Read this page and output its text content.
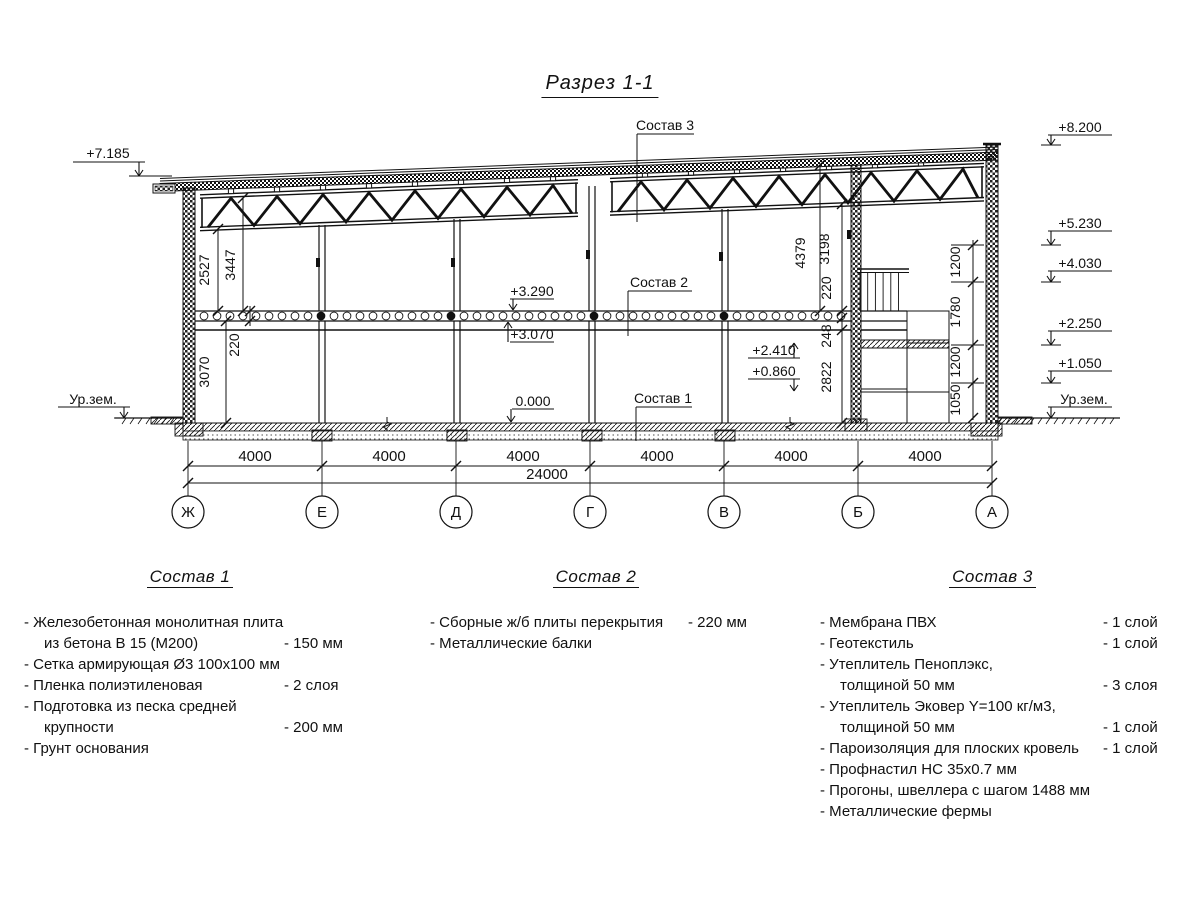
Разрез 1-1
Состав 3
Состав 2
Состав 1
+7.185
Ур.зем.
+8.200
+5.230
+4.030
+2.250
+1.050
Ур.зем.
+3.290
+3.070
0.000
+2.410
+0.860
2527 3447
220
3070
4379 3198
220
248
2822
1200
1780
1200
1050
4000	4000	4000	4000	4000	4000
24000
Ж	Е	Д	Г	В	Б	А
Состав 1
- Железобетонная монолитная плита
из бетона В 15 (М200)	- 150 мм
- Сетка армирующая Ø3 100x100 мм
- Пленка полиэтиленовая	- 2 слоя
- Подготовка из песка средней
крупности	- 200 мм
- Грунт основания
Состав 2
- Сборные ж/б плиты перекрытия	- 220 мм
- Металлические балки
Состав 3
- Мембрана ПВХ	- 1 слой
- Геотекстиль	- 1 слой
- Утеплитель Пеноплэкс,
толщиной 50 мм	- 3 слоя
- Утеплитель Эковер Y=100 кг/м3,
толщиной 50 мм	- 1 слой
- Пароизоляция для плоских кровель	- 1 слой
- Профнастил НС 35x0.7 мм
- Прогоны, швеллера с шагом 1488 мм
- Металлические фермы
